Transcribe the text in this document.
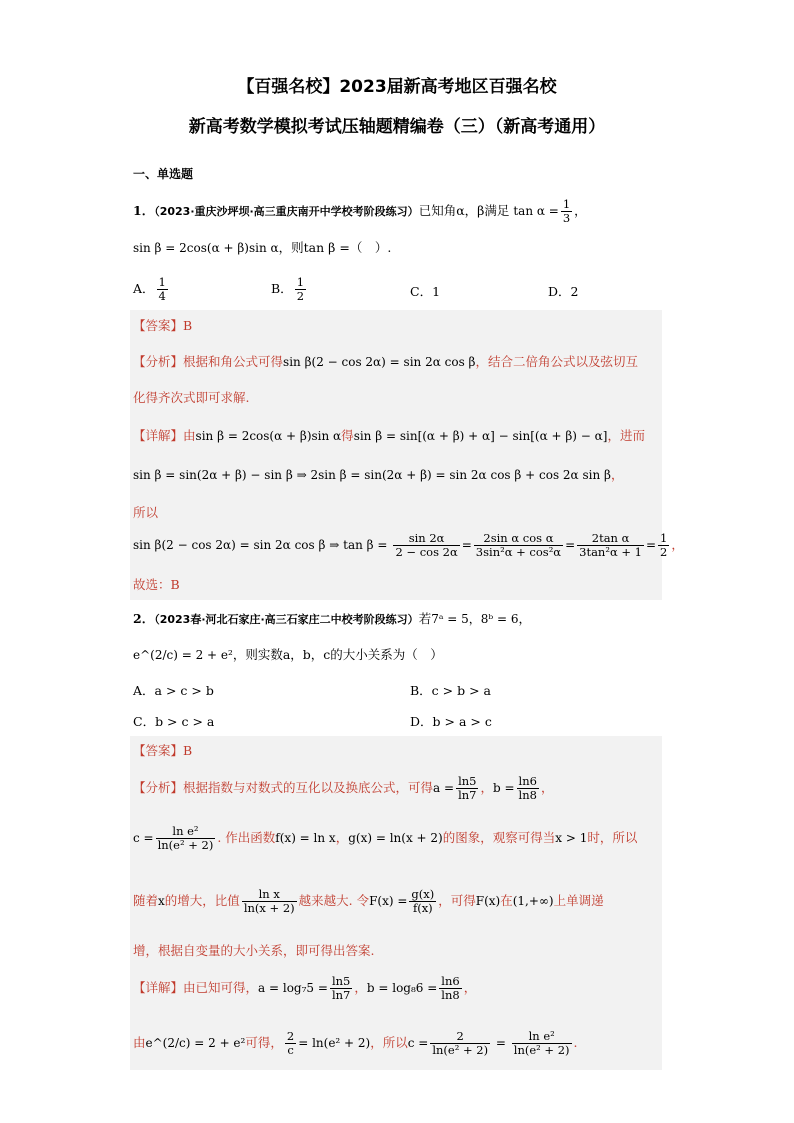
【百强名校】2023届新高考地区百强名校
新高考数学模拟考试压轴题精编卷（三）（新高考通用）
一、单选题
1．（2023·重庆沙坪坝·高三重庆南开中学校考阶段练习）已知角α，β满足 $\tan \alpha = \frac{1}{3}$ ，
sin β = 2cos(α + β)sin α，则tan β =（　）.
A． $\frac{1}{4}$	B． $\frac{1}{2}$	C．1	D．2
【答案】B
【分析】根据和角公式可得sin β(2 − cos 2α) = sin 2α cos β，结合二倍角公式以及弦切互
化得齐次式即可求解.
【详解】由sin β = 2cos(α + β)sin α得sin β = sin[(α + β) + α] − sin[(α + β) − α]，进而
sin β = sin(2α + β) − sin β ⇒ 2sin β = sin(2α + β) = sin 2α cos β + cos 2α sin β，
所以
sin β(2 − cos 2α) = sin 2α cos β ⇒ $\tan \beta = \frac{\sin 2\alpha}{2 - \cos 2\alpha} = \frac{\text{2sin α cos α}}{\text{3sin²α + cos²α}} = \frac{\text{2tan α}}{\text{3tan²α + 1}} = \frac{1}{2}$ ，
故选：B
2．（2023春·河北石家庄·高三石家庄二中校考阶段练习）若7ᵃ = 5，8ᵇ = 6，
e^(2/c) = 2 + e²，则实数a，b，c的大小关系为（　）
A．a > c > b	B．c > b > a
C．b > c > a	D．b > a > c
【答案】B
【分析】根据指数与对数式的互化以及换底公式，可得$a = \frac{\ln 5}{\ln 7}$ ，$b = \frac{\ln 6}{\ln 8}$ ，
$c = \frac{\text{ln e²}}{\text{ln(e² + 2)}}$ . 作出函数f(x) = ln x，g(x) = ln(x + 2)的图象，观察可得当x > 1时，所以
随着x的增大，比值 $\frac{\text{ln x}}{\ln(x + 2)}$ 越来越大. 令$F(x) = \frac{g(x)}{f(x)}$ ，可得F(x)在(1,+∞)上单调递
增，根据自变量的大小关系，即可得出答案.
【详解】由已知可得，$a = \log_75 = \frac{\ln 5}{\ln 7}$ ，$b = \log_86 = \frac{\ln 6}{\ln 8}$ ，
由e^(2/c) = 2 + e²可得， $\frac{2}{c} = \ln(e^2 + 2)$，所以$c = \frac{2}{\text{ln(e² + 2)}} = \frac{\text{ln e²}}{\text{ln(e² + 2)}}$ .
